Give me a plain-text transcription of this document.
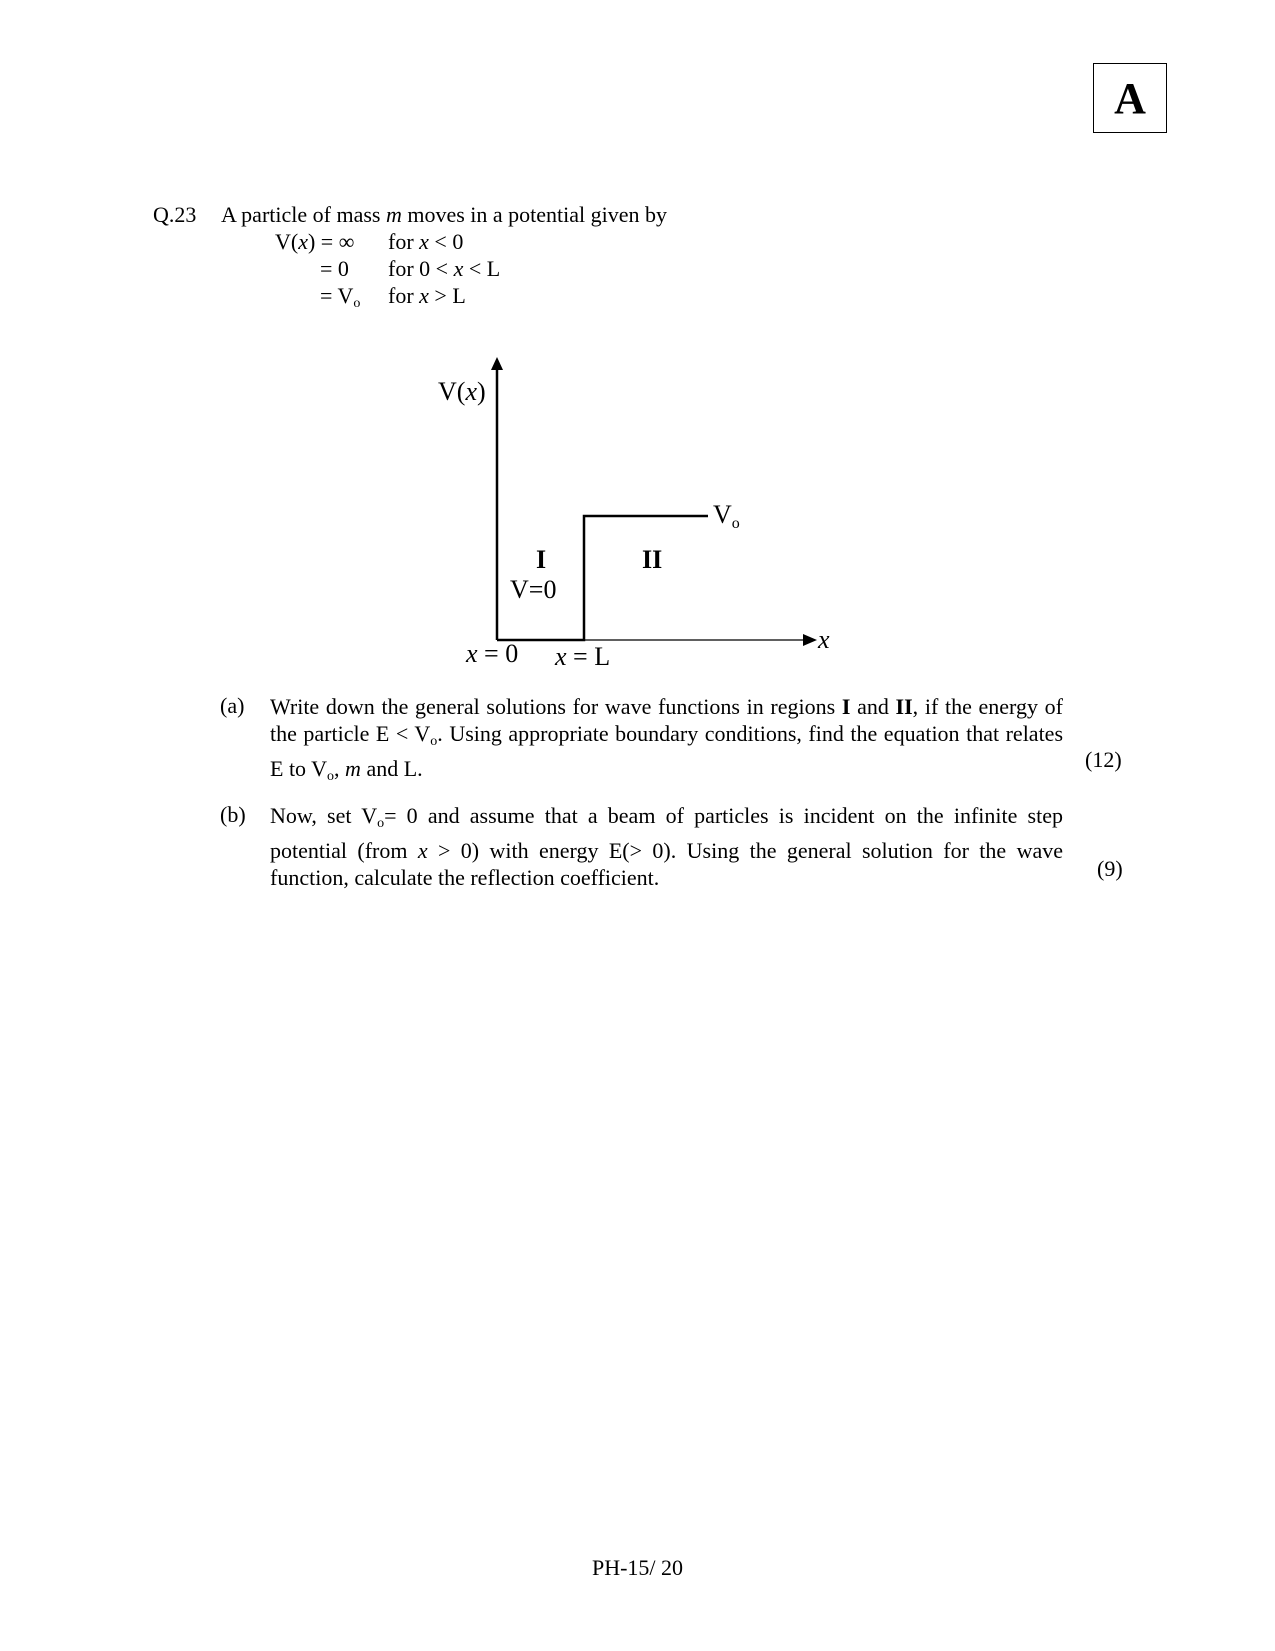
A
Q.23 A particle of mass m moves in a potential given by
V(x) = ∞ for x < 0
= 0 for 0 < x < L
= $V_o$ for x > L
V(x)
Vo
I	II
V=0
x
x = 0 x = L
(a) Write down the general solutions for wave functions in regions I and II, if the energy of the particle $E < V_o$. Using appropriate boundary conditions, find the equation that relates E to $V_o$, m and L.	(12)
(b) Now, set $V_o= 0$ and assume that a beam of particles is incident on the infinite step potential (from x > 0) with energy E(> 0). Using the general solution for the wave function, calculate the reflection coefficient.	(9)
PH-15/ 20
